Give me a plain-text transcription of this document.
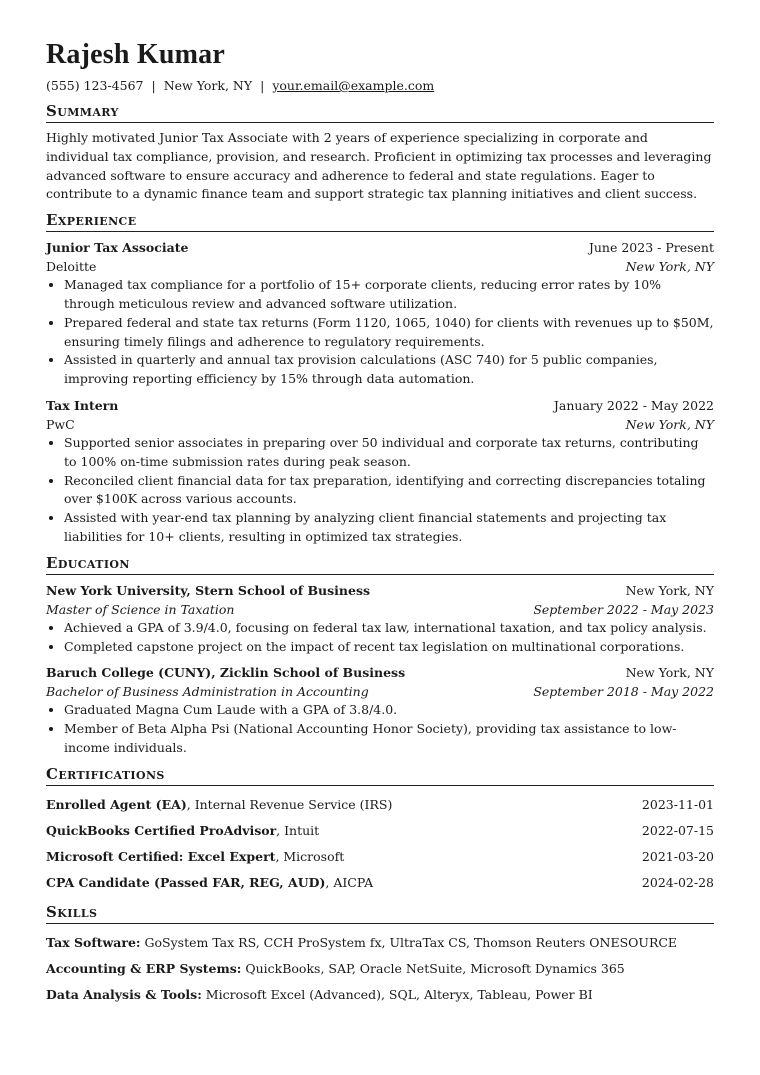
Rajesh Kumar
(555) 123-4567 | New York, NY | your.email@example.com
Summary
Highly motivated Junior Tax Associate with 2 years of experience specializing in corporate and individual tax compliance, provision, and research. Proficient in optimizing tax processes and leveraging advanced software to ensure accuracy and adherence to federal and state regulations. Eager to contribute to a dynamic finance team and support strategic tax planning initiatives and client success.
Experience
Junior Tax Associate	June 2023 - Present
Deloitte	New York, NY
• Managed tax compliance for a portfolio of 15+ corporate clients, reducing error rates by 10% through meticulous review and advanced software utilization.
• Prepared federal and state tax returns (Form 1120, 1065, 1040) for clients with revenues up to $50M, ensuring timely filings and adherence to regulatory requirements.
• Assisted in quarterly and annual tax provision calculations (ASC 740) for 5 public companies, improving reporting efficiency by 15% through data automation.
Tax Intern	January 2022 - May 2022
PwC	New York, NY
• Supported senior associates in preparing over 50 individual and corporate tax returns, contributing to 100% on-time submission rates during peak season.
• Reconciled client financial data for tax preparation, identifying and correcting discrepancies totaling over $100K across various accounts.
• Assisted with year-end tax planning by analyzing client financial statements and projecting tax liabilities for 10+ clients, resulting in optimized tax strategies.
Education
New York University, Stern School of Business	New York, NY
Master of Science in Taxation	September 2022 - May 2023
• Achieved a GPA of 3.9/4.0, focusing on federal tax law, international taxation, and tax policy analysis.
• Completed capstone project on the impact of recent tax legislation on multinational corporations.
Baruch College (CUNY), Zicklin School of Business	New York, NY
Bachelor of Business Administration in Accounting	September 2018 - May 2022
• Graduated Magna Cum Laude with a GPA of 3.8/4.0.
• Member of Beta Alpha Psi (National Accounting Honor Society), providing tax assistance to low-income individuals.
Certifications
Enrolled Agent (EA), Internal Revenue Service (IRS)	2023-11-01
QuickBooks Certified ProAdvisor, Intuit	2022-07-15
Microsoft Certified: Excel Expert, Microsoft	2021-03-20
CPA Candidate (Passed FAR, REG, AUD), AICPA	2024-02-28
Skills
Tax Software: GoSystem Tax RS, CCH ProSystem fx, UltraTax CS, Thomson Reuters ONESOURCE
Accounting & ERP Systems: QuickBooks, SAP, Oracle NetSuite, Microsoft Dynamics 365
Data Analysis & Tools: Microsoft Excel (Advanced), SQL, Alteryx, Tableau, Power BI
